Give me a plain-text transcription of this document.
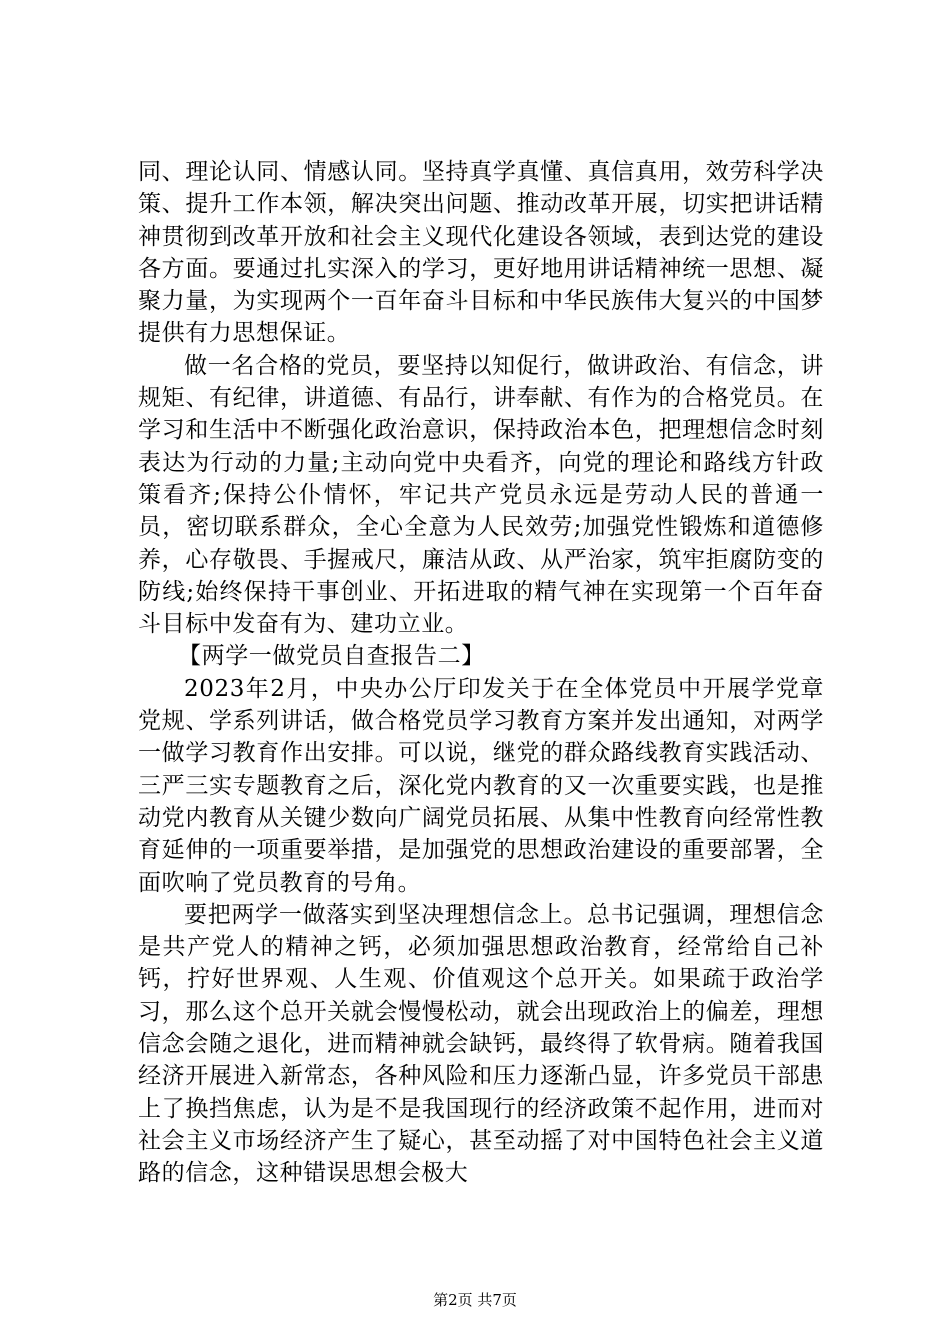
同、理论认同、情感认同。坚持真学真懂、真信真用，效劳科学决策、提升工作本领，解决突出问题、推动改革开展，切实把讲话精神贯彻到改革开放和社会主义现代化建设各领域，表到达党的建设各方面。要通过扎实深入的学习，更好地用讲话精神统一思想、凝聚力量，为实现两个一百年奋斗目标和中华民族伟大复兴的中国梦提供有力思想保证。

做一名合格的党员，要坚持以知促行，做讲政治、有信念，讲规矩、有纪律，讲道德、有品行，讲奉献、有作为的合格党员。在学习和生活中不断强化政治意识，保持政治本色，把理想信念时刻表达为行动的力量;主动向党中央看齐，向党的理论和路线方针政策看齐;保持公仆情怀，牢记共产党员永远是劳动人民的普通一员，密切联系群众，全心全意为人民效劳;加强党性锻炼和道德修养，心存敬畏、手握戒尺，廉洁从政、从严治家，筑牢拒腐防变的防线;始终保持干事创业、开拓进取的精气神在实现第一个百年奋斗目标中发奋有为、建功立业。

【两学一做党员自查报告二】

2023年2月，中央办公厅印发关于在全体党员中开展学党章党规、学系列讲话，做合格党员学习教育方案并发出通知，对两学一做学习教育作出安排。可以说，继党的群众路线教育实践活动、三严三实专题教育之后，深化党内教育的又一次重要实践，也是推动党内教育从关键少数向广阔党员拓展、从集中性教育向经常性教育延伸的一项重要举措，是加强党的思想政治建设的重要部署，全面吹响了党员教育的号角。

要把两学一做落实到坚决理想信念上。总书记强调，理想信念是共产党人的精神之钙，必须加强思想政治教育，经常给自己补钙，拧好世界观、人生观、价值观这个总开关。如果疏于政治学习，那么这个总开关就会慢慢松动，就会出现政治上的偏差，理想信念会随之退化，进而精神就会缺钙，最终得了软骨病。随着我国经济开展进入新常态，各种风险和压力逐渐凸显，许多党员干部患上了换挡焦虑，认为是不是我国现行的经济政策不起作用，进而对社会主义市场经济产生了疑心，甚至动摇了对中国特色社会主义道路的信念，这种错误思想会极大

第2页 共7页
